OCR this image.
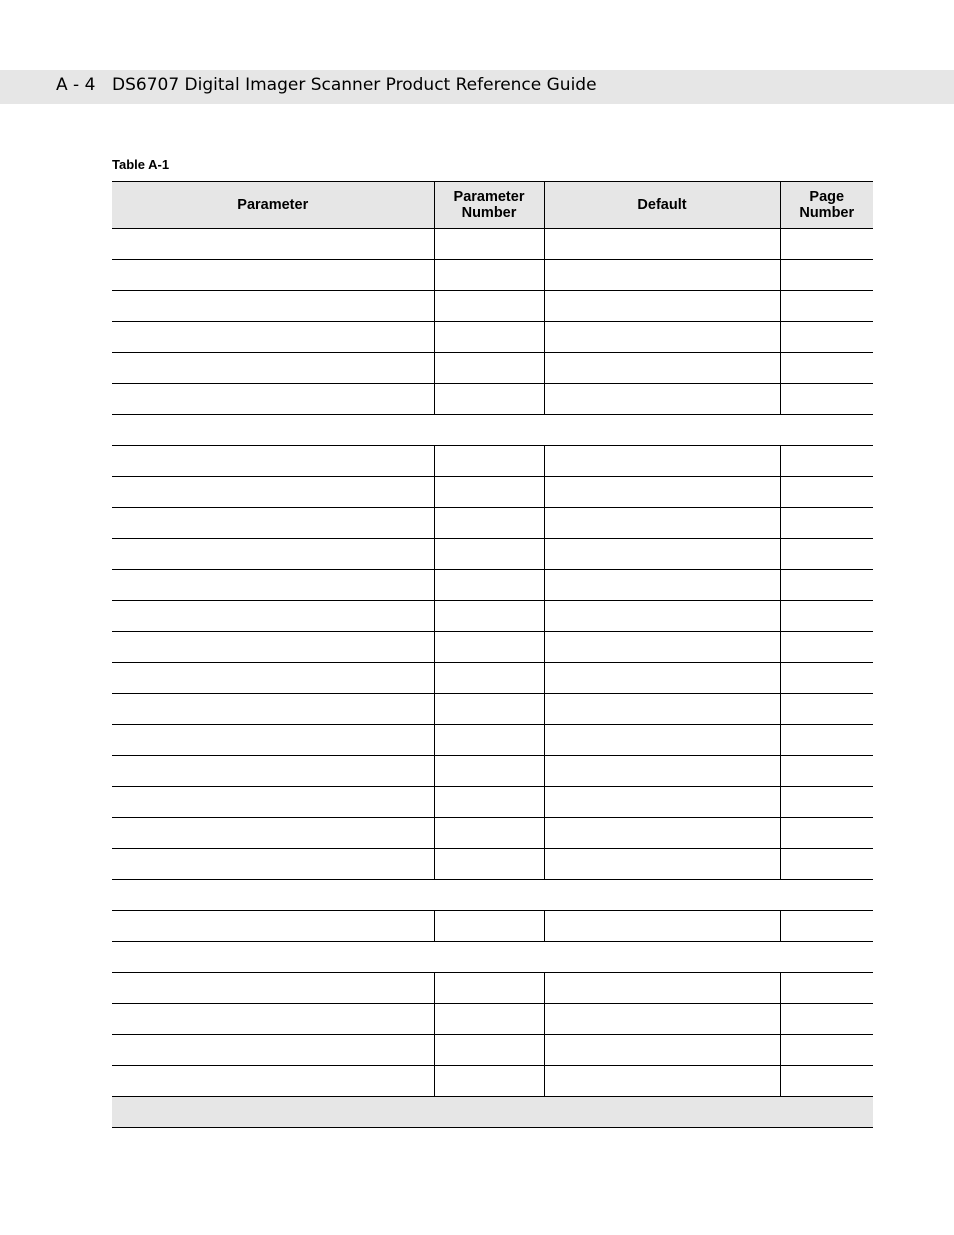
A - 4 DS6707 Digital Imager Scanner Product Reference Guide
Table A-1
Parameter	Parameter Number	Default	Page Number
